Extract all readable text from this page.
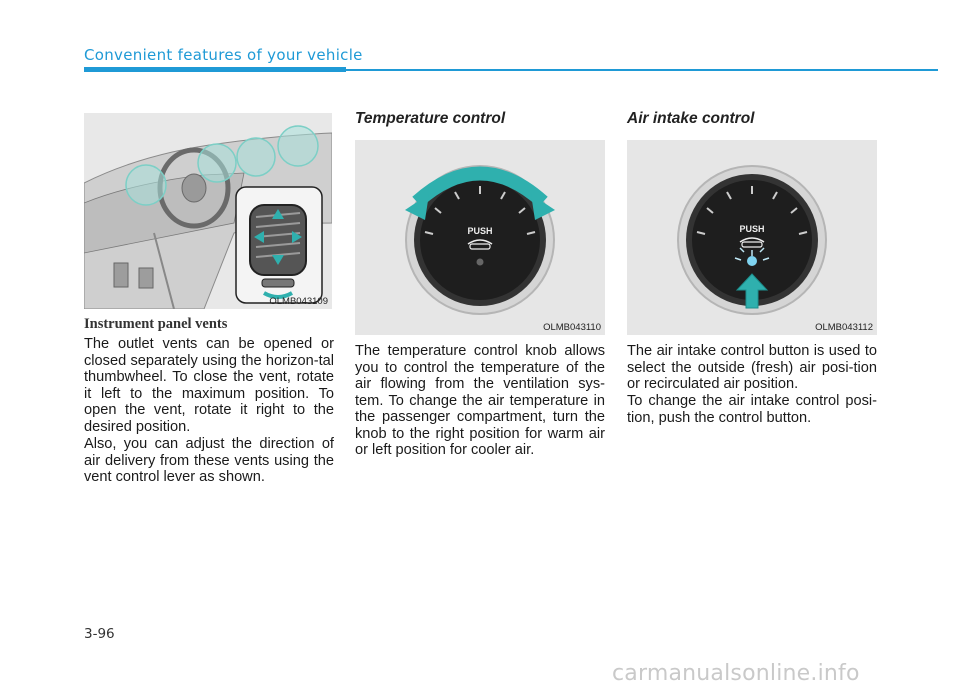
Convenient features of your vehicle
OLMB043109
Instrument panel vents

The outlet vents can be opened or closed separately using the horizon-tal thumbwheel. To close the vent, rotate it left to the maximum position. To open the vent, rotate it right to the desired position.

Also, you can adjust the direction of air delivery from these vents using the vent control lever as shown.

Temperature control
PUSH
OLMB043110

The temperature control knob allows you to control the temperature of the air flowing from the ventilation sys-tem. To change the air temperature in the passenger compartment, turn the knob to the right position for warm air or left position for cooler air.

Air intake control
PUSH
OLMB043112

The air intake control button is used to select the outside (fresh) air posi-tion or recirculated air position.

To change the air intake control posi-tion, push the control button.

3-96
carmanualsonline.info
